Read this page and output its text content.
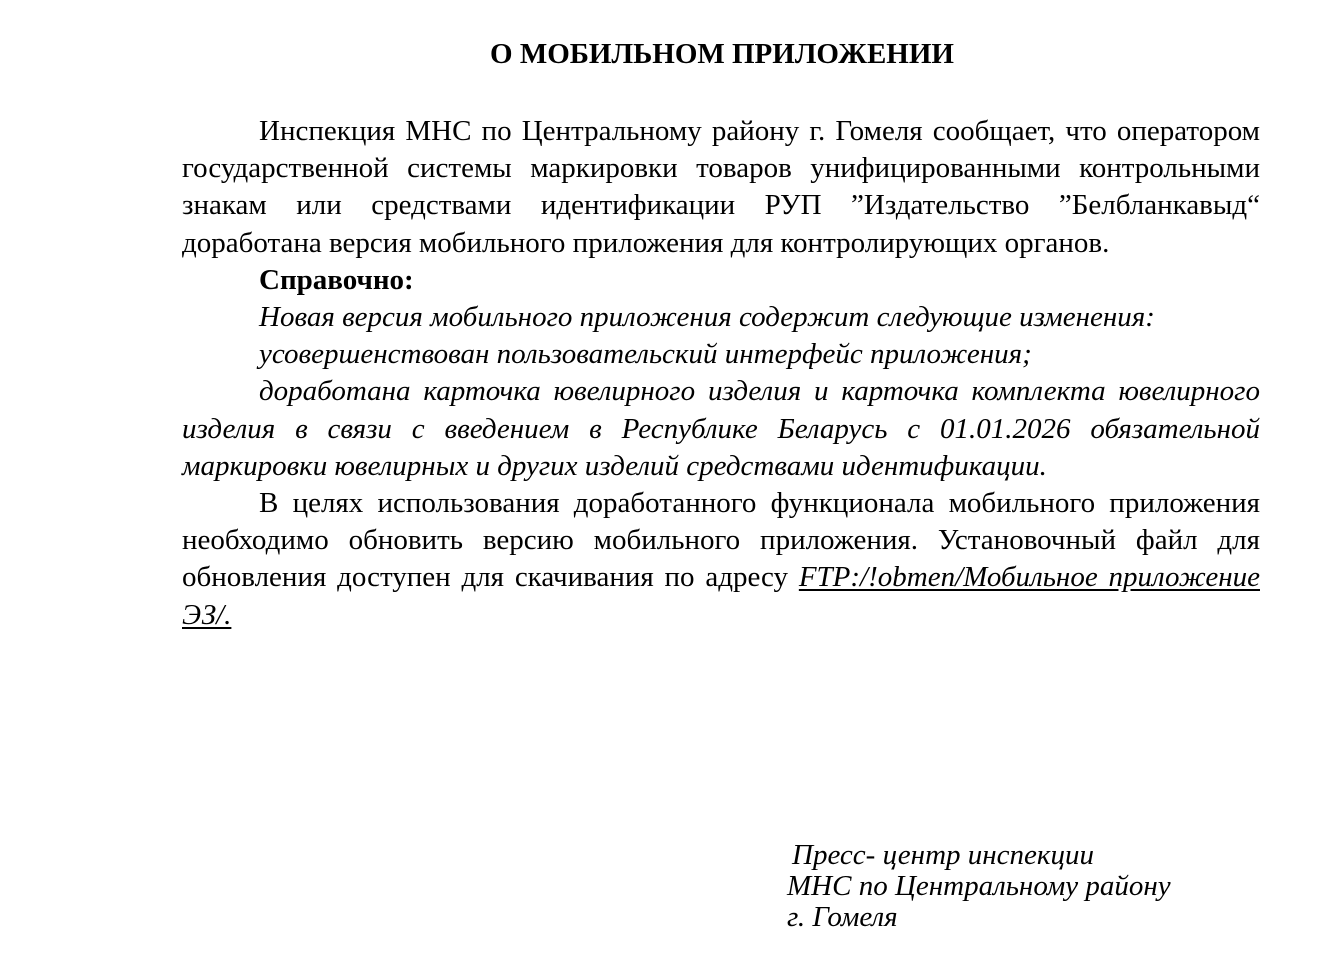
О МОБИЛЬНОМ ПРИЛОЖЕНИИ

Инспекция МНС по Центральному району г. Гомеля сообщает, что оператором государственной системы маркировки товаров унифицированными контрольными знакам или средствами идентификации РУП ”Издательство ”Белбланкавыд“ доработана версия мобильного приложения для контролирующих органов.

Справочно:

Новая версия мобильного приложения содержит следующие изменения:

усовершенствован пользовательский интерфейс приложения;

доработана карточка ювелирного изделия и карточка комплекта ювелирного изделия в связи с введением в Республике Беларусь с 01.01.2026 обязательной маркировки ювелирных и других изделий средствами идентификации.

В целях использования доработанного функционала мобильного приложения необходимо обновить версию мобильного приложения. Установочный файл для обновления доступен для скачивания по адресу FTP:/!obmen/Мобильное приложение ЭЗ/.

Пресс- центр инспекции
МНС по Центральному району
г. Гомеля
